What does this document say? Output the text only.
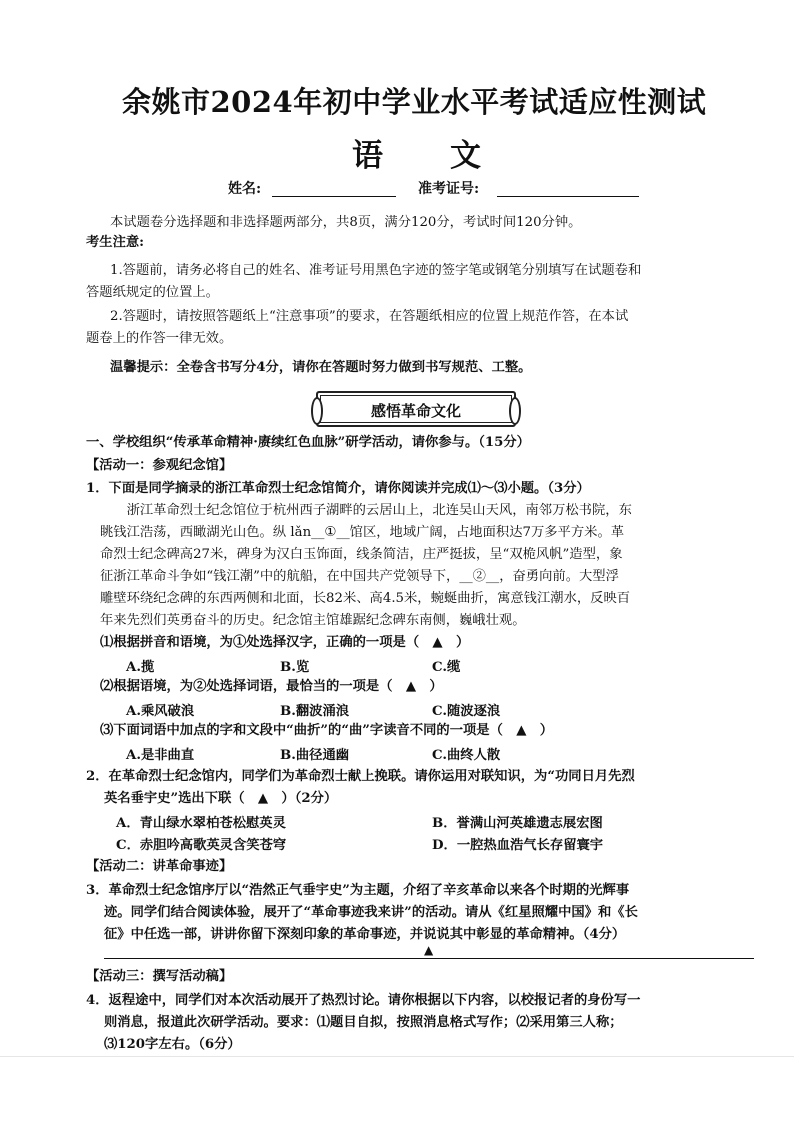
余姚市2024年初中学业水平考试适应性测试
语　文
姓名:	准考证号:
本试题卷分选择题和非选择题两部分，共8页，满分120分，考试时间120分钟。
考生注意:
1.答题前，请务必将自己的姓名、准考证号用黑色字迹的签字笔或钢笔分别填写在试题卷和
答题纸规定的位置上。
2.答题时，请按照答题纸上“注意事项”的要求，在答题纸相应的位置上规范作答，在本试
题卷上的作答一律无效。
温馨提示：全卷含书写分4分，请你在答题时努力做到书写规范、工整。
感悟革命文化
一、学校组织“传承革命精神·赓续红色血脉”研学活动，请你参与。（15分）
【活动一：参观纪念馆】
1．下面是同学摘录的浙江革命烈士纪念馆简介，请你阅读并完成⑴～⑶小题。（3分）
　　浙江革命烈士纪念馆位于杭州西子湖畔的云居山上，北连吴山天风，南邻万松书院，东
眺钱江浩荡，西瞰湖光山色。纵 lǎn__①__馆区，地域广阔，占地面积达7万多平方米。革
命烈士纪念碑高27米，碑身为汉白玉饰面，线条简洁，庄严挺拔，呈“双桅风帆”造型，象
征浙江革命斗争如“钱江潮”中的航船，在中国共产党领导下，__②__，奋勇向前。大型浮
雕壁环绕纪念碑的东西两侧和北面，长82米、高4.5米，蜿蜒曲折，寓意钱江潮水，反映百
年来先烈们英勇奋斗的历史。纪念馆主馆雄踞纪念碑东南侧，巍峨壮观。
⑴根据拼音和语境，为①处选择汉字，正确的一项是（　▲　）
A.揽	B.览	C.缆
⑵根据语境，为②处选择词语，最恰当的一项是（　▲　）
A.乘风破浪	B.翻波涌浪	C.随波逐浪
⑶下面词语中加点的字和文段中“曲折”的“曲”字读音不同的一项是（　▲　）
A.是非曲直	B.曲径通幽	C.曲终人散
2．在革命烈士纪念馆内，同学们为革命烈士献上挽联。请你运用对联知识，为“功同日月先烈
英名垂宇史”选出下联（　▲　）（2分）
A．青山绿水翠柏苍松慰英灵	B．誉满山河英雄遗志展宏图
C．赤胆吟高歌英灵含笑苍穹	D．一腔热血浩气长存留寰宇
【活动二：讲革命事迹】
3．革命烈士纪念馆序厅以“浩然正气垂宇史”为主题，介绍了辛亥革命以来各个时期的光辉事
迹。同学们结合阅读体验，展开了“革命事迹我来讲”的活动。请从《红星照耀中国》和《长
征》中任选一部，讲讲你留下深刻印象的革命事迹，并说说其中彰显的革命精神。（4分）
▲
【活动三：撰写活动稿】
4．返程途中，同学们对本次活动展开了热烈讨论。请你根据以下内容，以校报记者的身份写一
则消息，报道此次研学活动。要求：⑴题目自拟，按照消息格式写作；⑵采用第三人称；
⑶120字左右。（6分）
